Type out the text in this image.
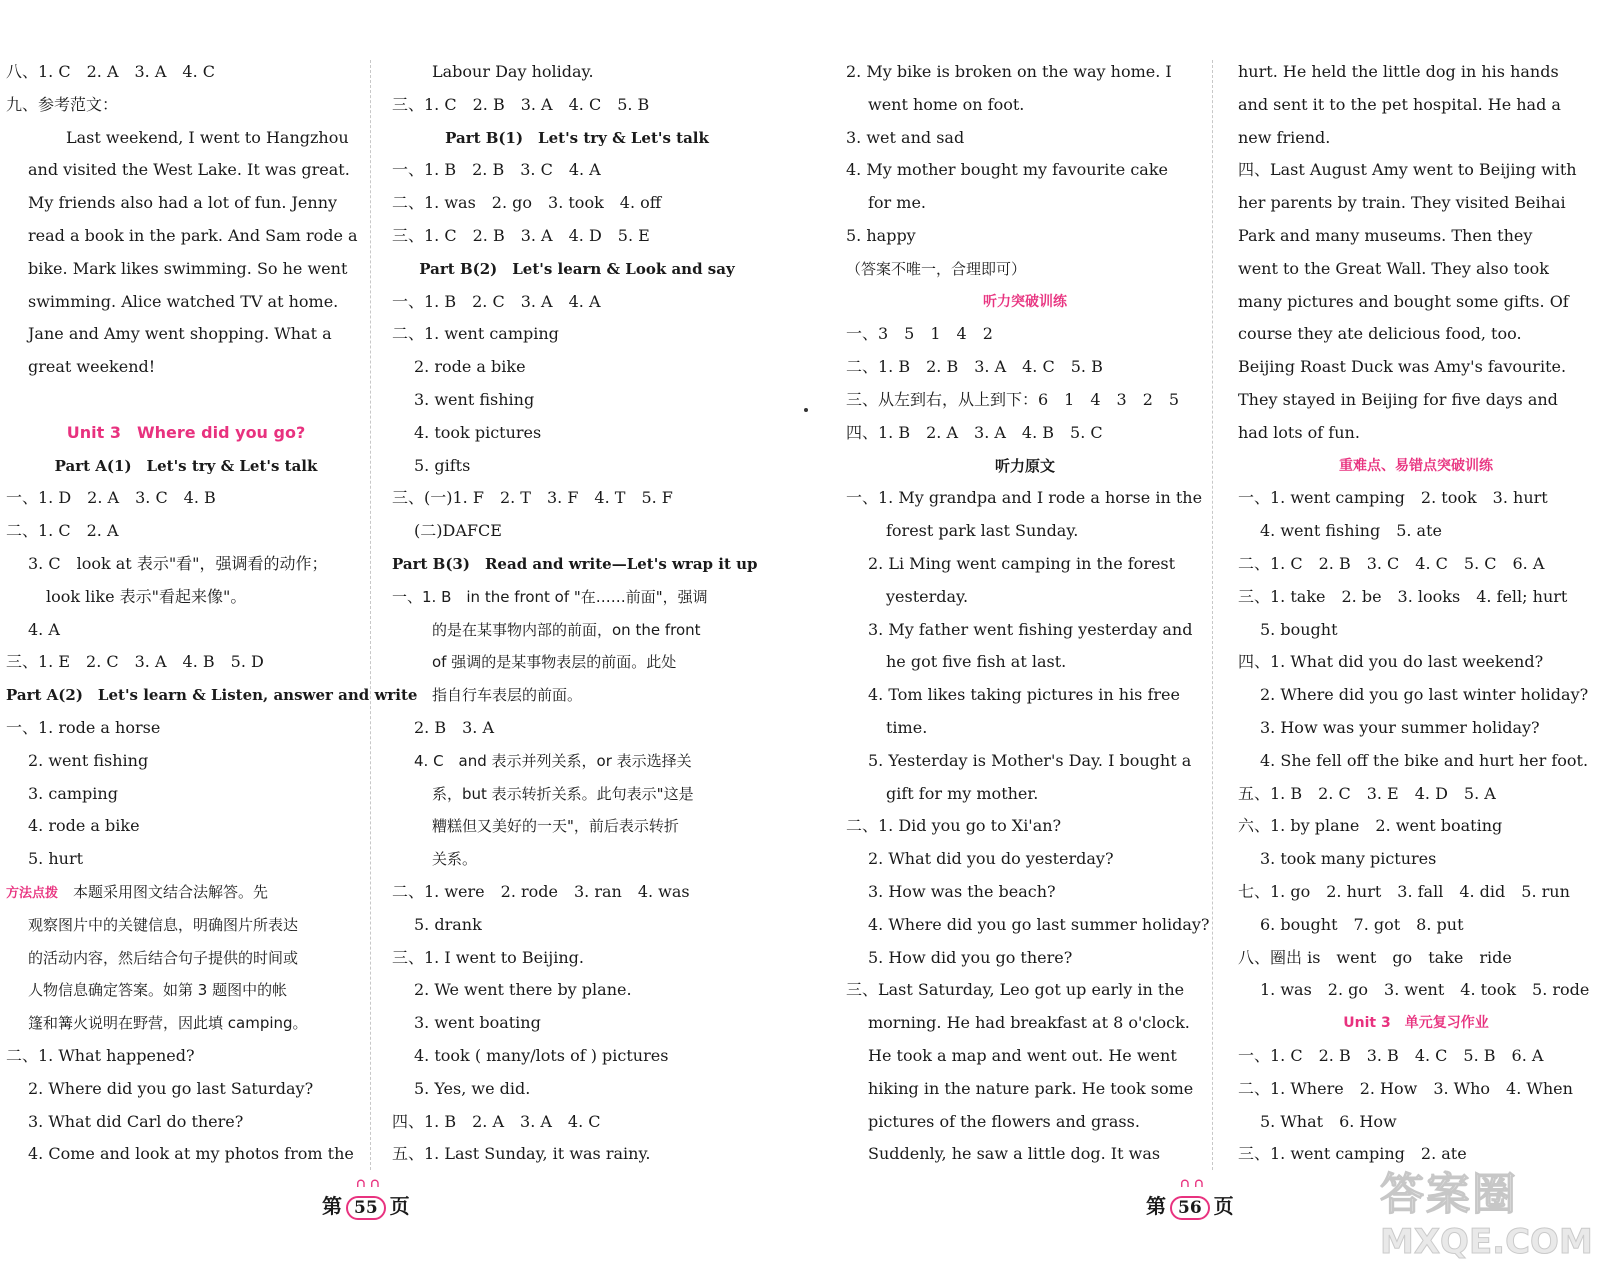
八、1. C　2. A　3. A　4. C
九、参考范文：
Last weekend, I went to Hangzhou
and visited the West Lake. It was great.
My friends also had a lot of fun. Jenny
read a book in the park. And Sam rode a
bike. Mark likes swimming. So he went
swimming. Alice watched TV at home.
Jane and Amy went shopping. What a
great weekend!
Unit 3　Where did you go?
Part A(1)　Let's try & Let's talk
一、1. D　2. A　3. C　4. B
二、1. C　2. A
3. C　look at 表示"看"，强调看的动作；
look like 表示"看起来像"。
4. A
三、1. E　2. C　3. A　4. B　5. D
Part A(2)　Let's learn & Listen, answer and write
一、1. rode a horse
2. went fishing
3. camping
4. rode a bike
5. hurt
方法点拨　本题采用图文结合法解答。先
观察图片中的关键信息，明确图片所表达
的活动内容，然后结合句子提供的时间或
人物信息确定答案。如第 3 题图中的帐
篷和篝火说明在野营，因此填 camping。
二、1. What happened?
2. Where did you go last Saturday?
3. What did Carl do there?
4. Come and look at my photos from the
Labour Day holiday.
三、1. C　2. B　3. A　4. C　5. B
Part B(1)　Let's try & Let's talk
一、1. B　2. B　3. C　4. A
二、1. was　2. go　3. took　4. off
三、1. C　2. B　3. A　4. D　5. E
Part B(2)　Let's learn & Look and say
一、1. B　2. C　3. A　4. A
二、1. went camping
2. rode a bike
3. went fishing
4. took pictures
5. gifts
三、(一)1. F　2. T　3. F　4. T　5. F
(二)DAFCE
Part B(3)　Read and write—Let's wrap it up
一、1. B　in the front of "在……前面"，强调
的是在某事物内部的前面，on the front
of 强调的是某事物表层的前面。此处
指自行车表层的前面。
2. B　3. A
4. C　and 表示并列关系，or 表示选择关
系，but 表示转折关系。此句表示"这是
糟糕但又美好的一天"，前后表示转折
关系。
二、1. were　2. rode　3. ran　4. was
5. drank
三、1. I went to Beijing.
2. We went there by plane.
3. went boating
4. took ( many/lots of ) pictures
5. Yes, we did.
四、1. B　2. A　3. A　4. C
五、1. Last Sunday, it was rainy.
2. My bike is broken on the way home. I
went home on foot.
3. wet and sad
4. My mother bought my favourite cake
for me.
5. happy
（答案不唯一，合理即可）
听力突破训练
一、3　5　1　4　2
二、1. B　2. B　3. A　4. C　5. B
三、从左到右，从上到下：6　1　4　3　2　5
四、1. B　2. A　3. A　4. B　5. C
听力原文
一、1. My grandpa and I rode a horse in the
forest park last Sunday.
2. Li Ming went camping in the forest
yesterday.
3. My father went fishing yesterday and
he got five fish at last.
4. Tom likes taking pictures in his free
time.
5. Yesterday is Mother's Day. I bought a
gift for my mother.
二、1. Did you go to Xi'an?
2. What did you do yesterday?
3. How was the beach?
4. Where did you go last summer holiday?
5. How did you go there?
三、Last Saturday, Leo got up early in the
morning. He had breakfast at 8 o'clock.
He took a map and went out. He went
hiking in the nature park. He took some
pictures of the flowers and grass.
Suddenly, he saw a little dog. It was
hurt. He held the little dog in his hands
and sent it to the pet hospital. He had a
new friend.
四、Last August Amy went to Beijing with
her parents by train. They visited Beihai
Park and many museums. Then they
went to the Great Wall. They also took
many pictures and bought some gifts. Of
course they ate delicious food, too.
Beijing Roast Duck was Amy's favourite.
They stayed in Beijing for five days and
had lots of fun.
重难点、易错点突破训练
一、1. went camping　2. took　3. hurt
4. went fishing　5. ate
二、1. C　2. B　3. C　4. C　5. C　6. A
三、1. take　2. be　3. looks　4. fell; hurt
5. bought
四、1. What did you do last weekend?
2. Where did you go last winter holiday?
3. How was your summer holiday?
4. She fell off the bike and hurt her foot.
五、1. B　2. C　3. E　4. D　5. A
六、1. by plane　2. went boating
3. took many pictures
七、1. go　2. hurt　3. fall　4. did　5. run
6. bought　7. got　8. put
八、圈出 is　went　go　take　ride
1. was　2. go　3. went　4. took　5. rode
Unit 3　单元复习作业
一、1. C　2. B　3. B　4. C　5. B　6. A
二、1. Where　2. How　3. Who　4. When
5. What　6. How
三、1. went camping　2. ate
∩∩
第 55 页
∩∩
第 56 页	答案圈
MXQE.COM
